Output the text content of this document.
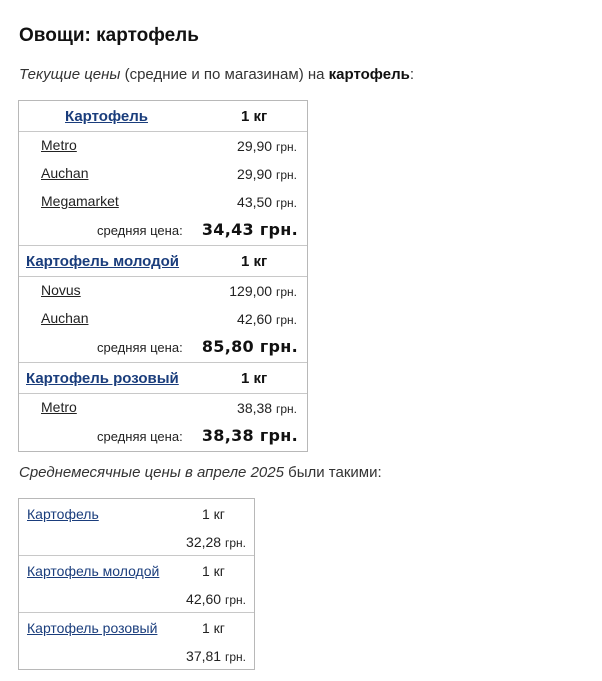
Овощи: картофель
Текущие цены (средние и по магазинам) на картофель:
Картофель	1 кг
Metro	29,90 грн.
Auchan	29,90 грн.
Megamarket	43,50 грн.
средняя цена: 34,43 грн.
Картофель молодой	1 кг
Novus	129,00 грн.
Auchan	42,60 грн.
средняя цена: 85,80 грн.
Картофель розовый	1 кг
Metro	38,38 грн.
средняя цена: 38,38 грн.
Среднемесячные цены в апреле 2025 были такими:
Картофель	1 кг
32,28 грн.
Картофель молодой	1 кг
42,60 грн.
Картофель розовый	1 кг
37,81 грн.
